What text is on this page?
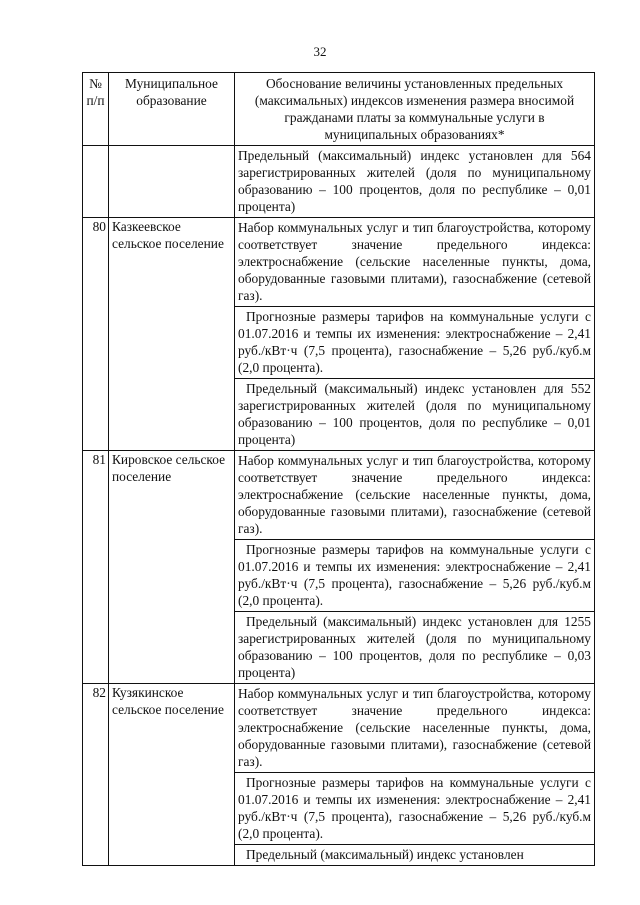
32
№ п/п	Муниципальное образование	Обоснование величины установленных предельных (максимальных) индексов изменения размера вносимой гражданами платы за коммунальные услуги в муниципальных образованиях*

		Предельный (максимальный) индекс установлен для 564 зарегистрированных жителей (доля по муниципальному образованию – 100 процентов, доля по республике – 0,01 процента)

80	Казкеевское сельское поселение	Набор коммунальных услуг и тип благоустройства, которому соответствует значение предельного индекса: электроснабжение (сельские населенные пункты, дома, оборудованные газовыми плитами), газоснабжение (сетевой газ).
Прогнозные размеры тарифов на коммунальные услуги с 01.07.2016 и темпы их изменения: электроснабжение – 2,41 руб./кВт·ч (7,5 процента), газоснабжение – 5,26 руб./куб.м (2,0 процента).
Предельный (максимальный) индекс установлен для 552 зарегистрированных жителей (доля по муниципальному образованию – 100 процентов, доля по республике – 0,01 процента)

81	Кировское сельское поселение	Набор коммунальных услуг и тип благоустройства, которому соответствует значение предельного индекса: электроснабжение (сельские населенные пункты, дома, оборудованные газовыми плитами), газоснабжение (сетевой газ).
Прогнозные размеры тарифов на коммунальные услуги с 01.07.2016 и темпы их изменения: электроснабжение – 2,41 руб./кВт·ч (7,5 процента), газоснабжение – 5,26 руб./куб.м (2,0 процента).
Предельный (максимальный) индекс установлен для 1255 зарегистрированных жителей (доля по муниципальному образованию – 100 процентов, доля по республике – 0,03 процента)

82	Кузякинское сельское поселение	Набор коммунальных услуг и тип благоустройства, которому соответствует значение предельного индекса: электроснабжение (сельские населенные пункты, дома, оборудованные газовыми плитами), газоснабжение (сетевой газ).
Прогнозные размеры тарифов на коммунальные услуги с 01.07.2016 и темпы их изменения: электроснабжение – 2,41 руб./кВт·ч (7,5 процента), газоснабжение – 5,26 руб./куб.м (2,0 процента).
Предельный (максимальный) индекс установлен
